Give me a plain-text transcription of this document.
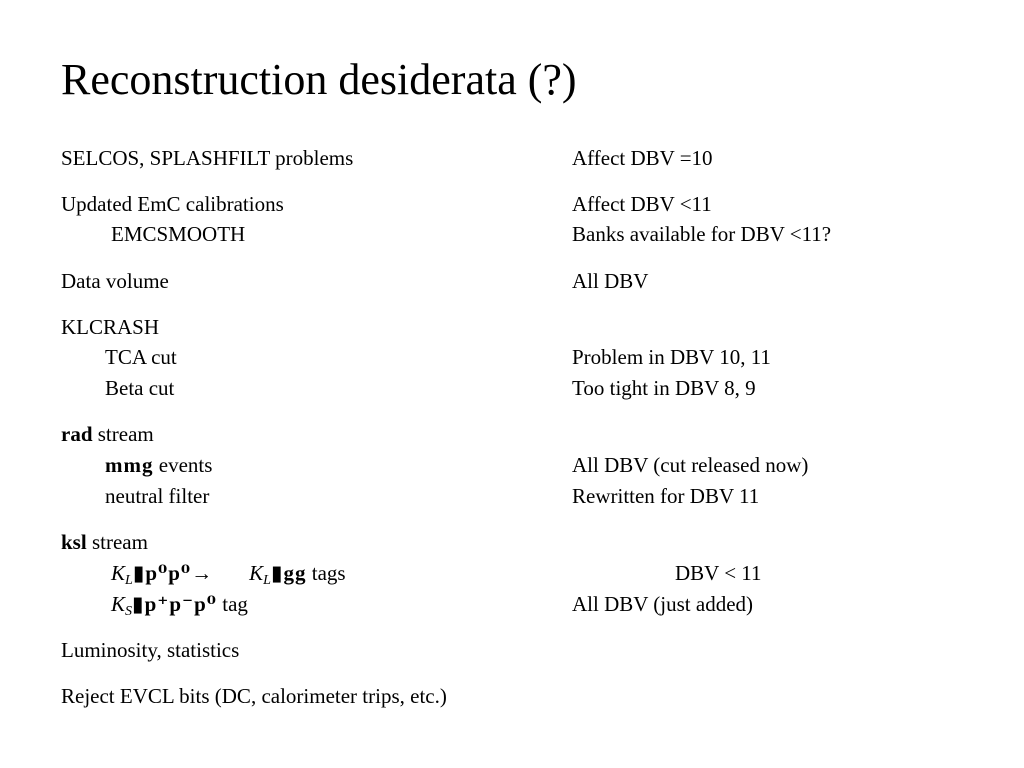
Reconstruction desiderata (?)
SELCOS, SPLASHFILT problems	Affect DBV =10
Updated EmC calibrations	Affect DBV <11
EMCSMOOTH	Banks available for DBV <11?
Data volume	All DBV
KLCRASH
TCA cut	Problem in DBV 10, 11
Beta cut	Too tight in DBV 8, 9
rad stream
mmg events	All DBV (cut released now)
neutral filter	Rewritten for DBV 11
ksl stream
$K_L▮p^0p^0\to$ $K_L▮gg$ tags	DBV < 11
$K_S▮p^+p^-p^0$ tag	All DBV (just added)
Luminosity, statistics
Reject EVCL bits (DC, calorimeter trips, etc.)
